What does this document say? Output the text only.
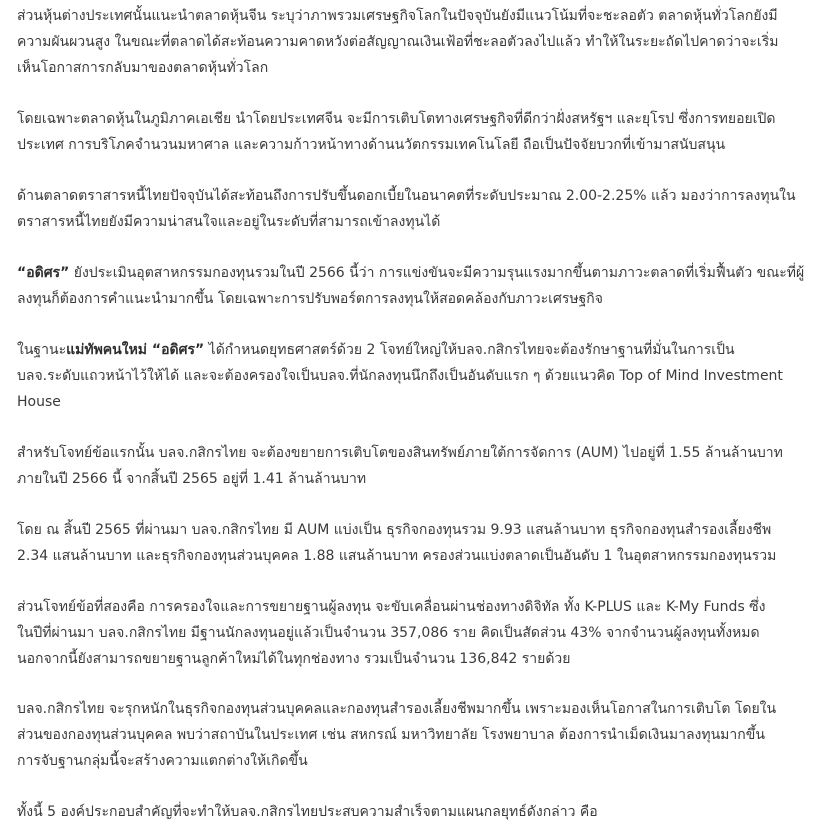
ส่วนหุ้นต่างประเทศนั้นแนะนำตลาดหุ้นจีน ระบุว่าภาพรวมเศรษฐกิจโลกในปัจจุบันยังมีแนวโน้มที่จะชะลอตัว ตลาดหุ้นทั่วโลกยังมี
ความผันผวนสูง ในขณะที่ตลาดได้สะท้อนความคาดหวังต่อสัญญาณเงินเฟ้อที่ชะลอตัวลงไปแล้ว ทำให้ในระยะถัดไปคาดว่าจะเริ่ม
เห็นโอกาสการกลับมาของตลาดหุ้นทั่วโลก
โดยเฉพาะตลาดหุ้นในภูมิภาคเอเชีย นำโดยประเทศจีน จะมีการเติบโตทางเศรษฐกิจที่ดีกว่าฝั่งสหรัฐฯ และยุโรป ซึ่งการทยอยเปิด
ประเทศ การบริโภคจำนวนมหาศาล และความก้าวหน้าทางด้านนวัตกรรมเทคโนโลยี ถือเป็นปัจจัยบวกที่เข้ามาสนับสนุน
ด้านตลาดตราสารหนี้ไทยปัจจุบันได้สะท้อนถึงการปรับขึ้นดอกเบี้ยในอนาคตที่ระดับประมาณ 2.00-2.25% แล้ว มองว่าการลงทุนใน
ตราสารหนี้ไทยยังมีความน่าสนใจและอยู่ในระดับที่สามารถเข้าลงทุนได้
“อดิศร” ยังประเมินอุตสาหกรรมกองทุนรวมในปี 2566 นี้ว่า การแข่งขันจะมีความรุนแรงมากขึ้นตามภาวะตลาดที่เริ่มฟื้นตัว ขณะที่ผู้
ลงทุนก็ต้องการคำแนะนำมากขึ้น โดยเฉพาะการปรับพอร์ตการลงทุนให้สอดคล้องกับภาวะเศรษฐกิจ
ในฐานะแม่ทัพคนใหม่ “อดิศร” ได้กำหนดยุทธศาสตร์ด้วย 2 โจทย์ใหญ่ให้บลจ.กสิกรไทยจะต้องรักษาฐานที่มั่นในการเป็น
บลจ.ระดับแถวหน้าไว้ให้ได้ และจะต้องครองใจเป็นบลจ.ที่นักลงทุนนึกถึงเป็นอันดับแรก ๆ ด้วยแนวคิด Top of Mind Investment
House
สำหรับโจทย์ข้อแรกนั้น บลจ.กสิกรไทย จะต้องขยายการเติบโตของสินทรัพย์ภายใต้การจัดการ (AUM) ไปอยู่ที่ 1.55 ล้านล้านบาท
ภายในปี 2566 นี้ จากสิ้นปี 2565 อยู่ที่ 1.41 ล้านล้านบาท
โดย ณ สิ้นปี 2565 ที่ผ่านมา บลจ.กสิกรไทย มี AUM แบ่งเป็น ธุรกิจกองทุนรวม 9.93 แสนล้านบาท ธุรกิจกองทุนสำรองเลี้ยงชีพ
2.34 แสนล้านบาท และธุรกิจกองทุนส่วนบุคคล 1.88 แสนล้านบาท ครองส่วนแบ่งตลาดเป็นอันดับ 1 ในอุตสาหกรรมกองทุนรวม
ส่วนโจทย์ข้อที่สองคือ การครองใจและการขยายฐานผู้ลงทุน จะขับเคลื่อนผ่านช่องทางดิจิทัล ทั้ง K-PLUS และ K-My Funds ซึ่ง
ในปีที่ผ่านมา บลจ.กสิกรไทย มีฐานนักลงทุนอยู่แล้วเป็นจำนวน 357,086 ราย คิดเป็นสัดส่วน 43% จากจำนวนผู้ลงทุนทั้งหมด
นอกจากนี้ยังสามารถขยายฐานลูกค้าใหม่ได้ในทุกช่องทาง รวมเป็นจำนวน 136,842 รายด้วย
บลจ.กสิกรไทย จะรุกหนักในธุรกิจกองทุนส่วนบุคคลและกองทุนสำรองเลี้ยงชีพมากขึ้น เพราะมองเห็นโอกาสในการเติบโต โดยใน
ส่วนของกองทุนส่วนบุคคล พบว่าสถาบันในประเทศ เช่น สหกรณ์ มหาวิทยาลัย โรงพยาบาล ต้องการนำเม็ดเงินมาลงทุนมากขึ้น
การจับฐานกลุ่มนี้จะสร้างความแตกต่างให้เกิดขึ้น
ทั้งนี้ 5 องค์ประกอบสำคัญที่จะทำให้บลจ.กสิกรไทยประสบความสำเร็จตามแผนกลยุทธ์ดังกล่าว คือ
